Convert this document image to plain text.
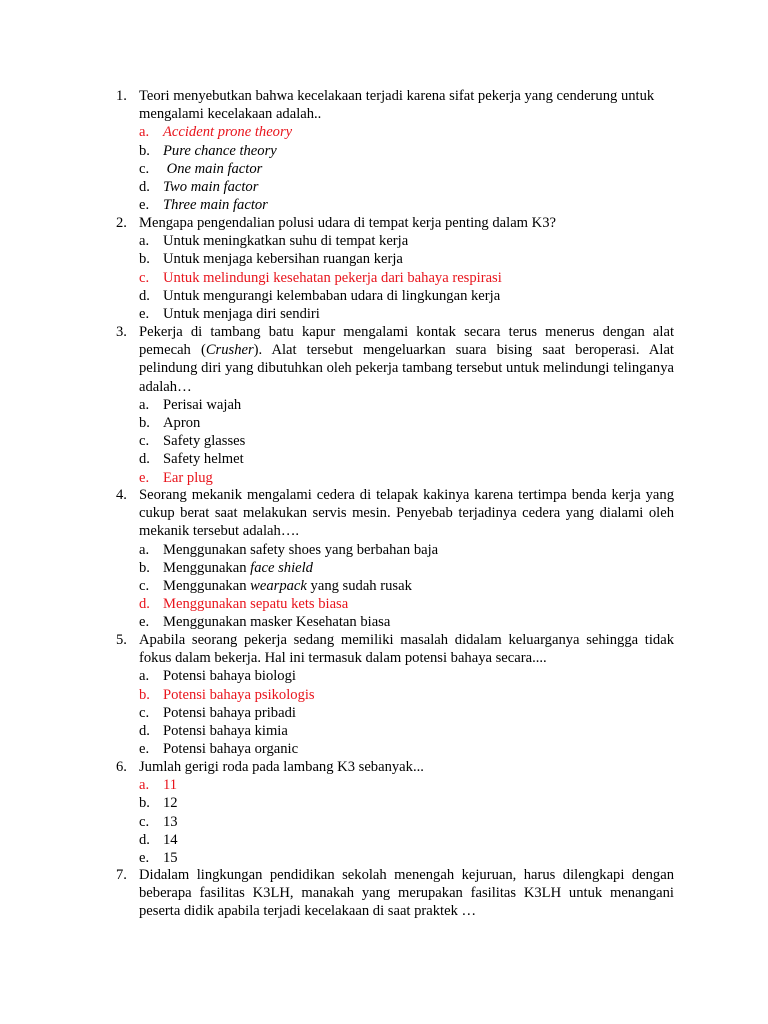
1. Teori menyebutkan bahwa kecelakaan terjadi karena sifat pekerja yang cenderung untuk mengalami kecelakaan adalah..
a. Accident prone theory
b. Pure chance theory
c. One main factor
d. Two main factor
e. Three main factor
2. Mengapa pengendalian polusi udara di tempat kerja penting dalam K3?
a. Untuk meningkatkan suhu di tempat kerja
b. Untuk menjaga kebersihan ruangan kerja
c. Untuk melindungi kesehatan pekerja dari bahaya respirasi
d. Untuk mengurangi kelembaban udara di lingkungan kerja
e. Untuk menjaga diri sendiri
3. Pekerja di tambang batu kapur mengalami kontak secara terus menerus dengan alat pemecah (Crusher). Alat tersebut mengeluarkan suara bising saat beroperasi. Alat pelindung diri yang dibutuhkan oleh pekerja tambang tersebut untuk melindungi telinganya adalah…
a. Perisai wajah
b. Apron
c. Safety glasses
d. Safety helmet
e. Ear plug
4. Seorang mekanik mengalami cedera di telapak kakinya karena tertimpa benda kerja yang cukup berat saat melakukan servis mesin. Penyebab terjadinya cedera yang dialami oleh mekanik tersebut adalah….
a. Menggunakan safety shoes yang berbahan baja
b. Menggunakan face shield
c. Menggunakan wearpack yang sudah rusak
d. Menggunakan sepatu kets biasa
e. Menggunakan masker Kesehatan biasa
5. Apabila seorang pekerja sedang memiliki masalah didalam keluarganya sehingga tidak fokus dalam bekerja. Hal ini termasuk dalam potensi bahaya secara....
a. Potensi bahaya biologi
b. Potensi bahaya psikologis
c. Potensi bahaya pribadi
d. Potensi bahaya kimia
e. Potensi bahaya organic
6. Jumlah gerigi roda pada lambang K3 sebanyak...
a. 11
b. 12
c. 13
d. 14
e. 15
7. Didalam lingkungan pendidikan sekolah menengah kejuruan, harus dilengkapi dengan beberapa fasilitas K3LH, manakah yang merupakan fasilitas K3LH untuk menangani peserta didik apabila terjadi kecelakaan di saat praktek …
